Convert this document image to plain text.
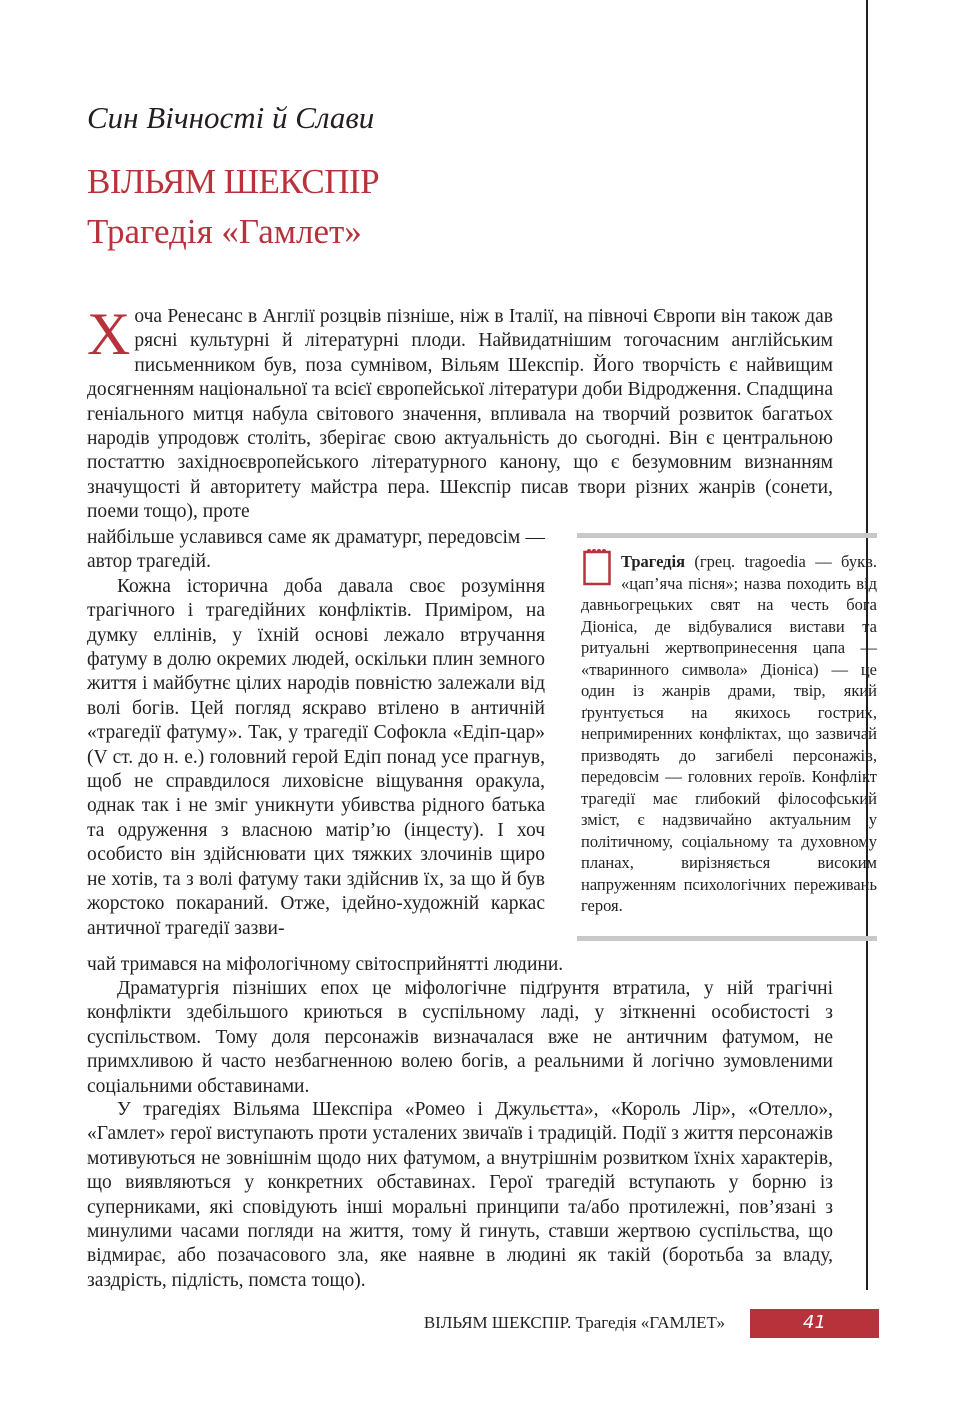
Син Вічності й Слави
ВІЛЬЯМ ШЕКСПІР
Трагедія «Гамлет»

Хоча Ренесанс в Англії розцвів пізніше, ніж в Італії, на півночі Європи він також дав рясні культурні й літературні плоди. Найвидатнішим тогочасним англійським письменником був, поза сумнівом, Вільям Шекспір. Його творчість є найвищим досягненням національної та всієї європейської літератури доби Відродження. Спадщина геніального митця набула світового значення, впливала на творчий розвиток багатьох народів упродовж століть, зберігає свою актуальність до сьогодні. Він є центральною постаттю західноєвропейського літературного канону, що є безумовним визнанням значущості й авторитету майстра пера. Шекспір писав твори різних жанрів (сонети, поеми тощо), проте

найбільше уславився саме як драматург, передовсім — автор трагедій.

Кожна історична доба давала своє розуміння трагічного і трагедійних конфліктів. Приміром, на думку еллінів, у їхній основі лежало втручання фатуму в долю окремих людей, оскільки плин земного життя і майбутнє цілих народів повністю залежали від волі богів. Цей погляд яскраво втілено в античній «трагедії фатуму». Так, у трагедії Софокла «Едіп-цар» (V ст. до н. е.) головний герой Едіп понад усе прагнув, щоб не справдилося лиховісне віщування оракула, однак так і не зміг уникнути убивства рідного батька та одруження з власною матір’ю (інцесту). І хоч особисто він здійснювати цих тяжких злочинів щиро не хотів, та з волі фатуму таки здійснив їх, за що й був жорстоко покараний. Отже, ідейно-художній каркас античної трагедії зазви-

чай тримався на міфологічному світосприйнятті людини.

Драматургія пізніших епох це міфологічне підґрунтя втратила, у ній трагічні конфлікти здебільшого криються в суспільному ладі, у зіткненні особистості з суспільством. Тому доля персонажів визначалася вже не античним фатумом, не примхливою й часто незбагненною волею богів, а реальними й логічно зумовленими соціальними обставинами.

У трагедіях Вільяма Шекспіра «Ромео і Джульєтта», «Король Лір», «Отелло», «Гамлет» герої виступають проти усталених звичаїв і традицій. Події з життя персонажів мотивуються не зовнішнім щодо них фатумом, а внутрішнім розвитком їхніх характерів, що виявляються у конкретних обставинах. Герої трагедій вступають у борню із суперниками, які сповідують інші моральні принципи та/або протилежні, пов’язані з минулими часами погляди на життя, тому й гинуть, ставши жертвою суспільства, що відмирає, або позачасового зла, яке наявне в людині як такій (боротьба за владу, заздрість, підлість, помста тощо).

Трагедія (грец. tragoedia — букв. «цап’яча пісня»; назва походить від давньогрецьких свят на честь бога Діоніса, де відбувалися вистави та ритуальні жертвопринесення цапа — «тваринного символа» Діоніса) — це один із жанрів драми, твір, який ґрунтується на якихось гострих, непримиренних конфліктах, що зазвичай призводять до загибелі персонажів, передовсім — головних героїв. Конфлікт трагедії має глибокий філософський зміст, є надзвичайно актуальним у політичному, соціальному та духовному планах, вирізняється високим напруженням психологічних переживань героя.

ВІЛЬЯМ ШЕКСПІР. Трагедія «ГАМЛЕТ»	41
